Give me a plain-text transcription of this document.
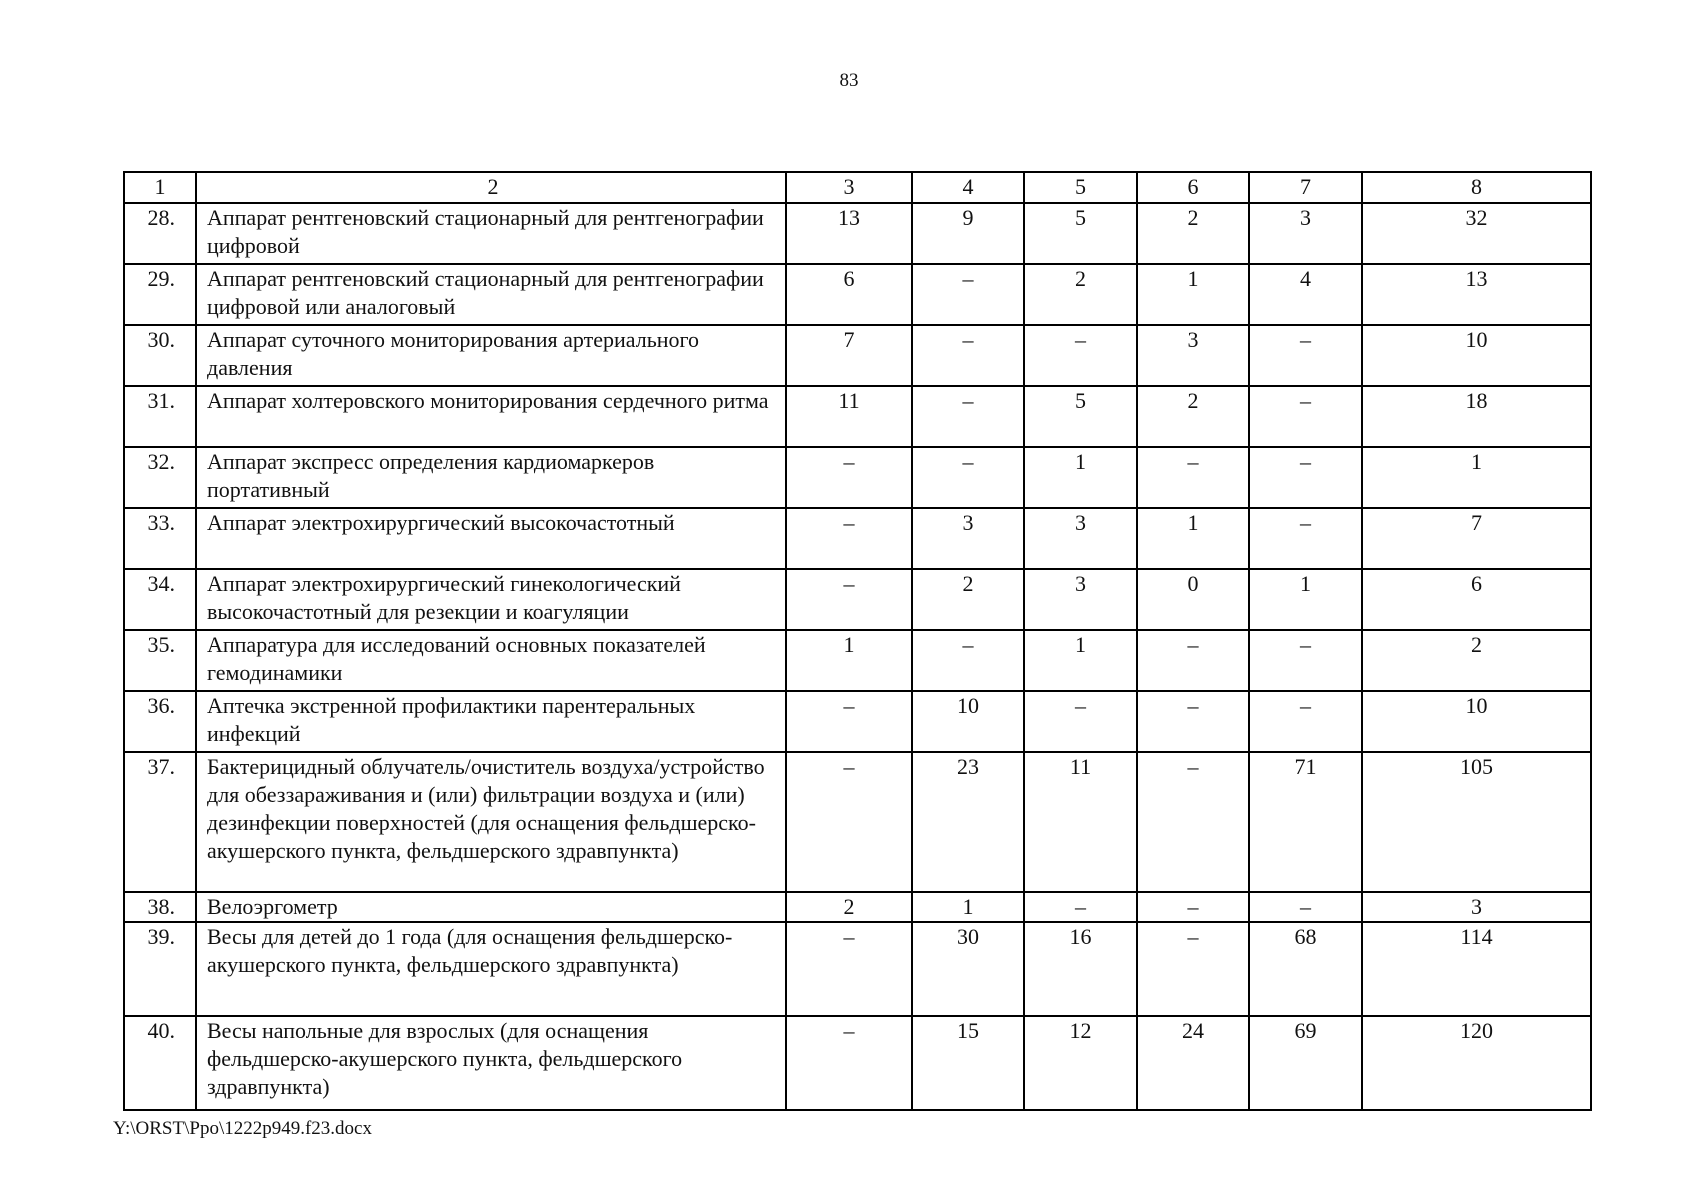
83
1	2	3	4	5	6	7	8
28.	Аппарат рентгеновский стационарный для рентгенографии цифровой	13	9	5	2	3	32
29.	Аппарат рентгеновский стационарный для рентгенографии цифровой или аналоговый	6	–	2	1	4	13
30.	Аппарат суточного мониторирования артериального давления	7	–	–	3	–	10
31.	Аппарат холтеровского мониторирования сердечного ритма	11	–	5	2	–	18
32.	Аппарат экспресс определения кардиомаркеров портативный	–	–	1	–	–	1
33.	Аппарат электрохирургический высокочастотный	–	3	3	1	–	7
34.	Аппарат электрохирургический гинекологический высокочастотный для резекции и коагуляции	–	2	3	0	1	6
35.	Аппаратура для исследований основных показателей гемодинамики	1	–	1	–	–	2
36.	Аптечка экстренной профилактики парентеральных инфекций	–	10	–	–	–	10
37.	Бактерицидный облучатель/очиститель воздуха/устройство для обеззараживания и (или) фильтрации воздуха и (или) дезинфекции поверхностей (для оснащения фельдшерско-акушерского пункта, фельдшерского здравпункта)	–	23	11	–	71	105
38.	Велоэргометр	2	1	–	–	–	3
39.	Весы для детей до 1 года (для оснащения фельдшерско-акушерского пункта, фельдшерского здравпункта)	–	30	16	–	68	114
40.	Весы напольные для взрослых (для оснащения фельдшерско-акушерского пункта, фельдшерского здравпункта)	–	15	12	24	69	120
Y:\ORST\Ppo\1222p949.f23.docx
